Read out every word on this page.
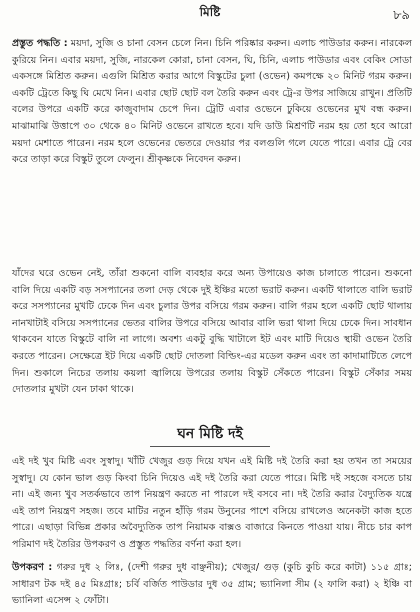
মিষ্টি	৮৯

প্রস্তুত পদ্ধতি : ময়দা, সুজি ও চানা বেসন চেলে নিন। চিনি পরিষ্কার করুন। এলাচ পাউডার করুন। নারকেল কুরিয়ে নিন। এবার ময়দা, সুজি, নারকেল কোরা, চানা বেসন, ঘি, চিনি, এলাচ পাউডার এবং বেকিং সোডা একসঙ্গে মিশ্রিত করুন। এগুলি মিশ্রিত করার আগে বিস্কুটের চুলা (ওভেন) কমপক্ষে ২০ মিনিট গরম করুন। একটি ট্রেতে কিছু ঘি মেখে নিন। এবার ছোট ছোট বল তৈরি করুন এবং ট্রে-র উপর সাজিয়ে রাখুন। প্রতিটি বলের উপরে একটি করে কাজুবাদাম চেপে দিন। ট্রেটি এবার ওভেনে ঢুকিয়ে ওভেনের মুখ বন্ধ করুন। মাঝামাঝি উত্তাপে ৩০ থেকে ৪০ মিনিট ওভেনে রাখতে হবে। যদি ডাউ মিশ্রণটি নরম হয় তো হবে আরো ময়দা মেশাতে পারেন। নরম হলে ওভেনের ভেতরে দেওয়ার পর বলগুলি গলে যেতে পারে। এবার ট্রে বের করে তাড়া করে বিস্কুট তুলে ফেলুন। শ্রীকৃষ্ণকে নিবেদন করুন।

যাঁদের ঘরে ওভেন নেই, তাঁরা শুকনো বালি ব্যবহার করে অন্য উপায়েও কাজ চালাতে পারেন। শুকনো বালি দিয়ে একটি বড় সসপ্যানের তলা দেড় থেকে দুই ইঞ্চির মতো ভরাট করুন। একটি থালাতে বালি ভরাট করে সসপ্যানের মুখটি ঢেকে দিন এবং চুলার উপর বসিয়ে গরম করুন। বালি গরম হলে একটি ছোট থালায় নানখাটাই বসিয়ে সসপ্যানের ভেতর বালির উপরে বসিয়ে আবার বালি ভরা থালা দিয়ে ঢেকে দিন। সাবধান থাকবেন যাতে বিস্কুটে বালি না লাগে। অবশ্য একটু বুদ্ধি খাটালে ইট এবং মাটি দিয়েও স্থায়ী ওভেন তৈরি করতে পারেন। সেক্ষেত্রে ইট দিয়ে একটি ছোট দোতলা বিল্ডিং-এর মডেল করুন এবং তা কাদামাটিতে লেপে দিন। শুকালে নিচের তলায় কয়লা জ্বালিয়ে উপরের তলায় বিস্কুট সেঁকতে পারেন। বিস্কুট সেঁকার সময় দোতলার মুখটা যেন ঢাকা থাকে।

ঘন মিষ্টি দই

এই দই খুব মিষ্টি এবং সুস্বাদু। খাঁটি খেজুর গুড় দিয়ে যখন এই মিষ্টি দই তৈরি করা হয় তখন তা সময়ের সুস্বাদু। যে কোন ভাল গুড় কিংবা চিনি দিয়েও এই দই তৈরি করা যেতে পারে। মিষ্টি দই সহজে বসতে চায় না। এই জন্য খুব সতর্কভাবে তাপ নিয়ন্ত্রণ করতে না পারলে দই বসবে না। দই তৈরি করার বৈদ্যুতিক যন্ত্রে এই তাপ নিয়ন্ত্রণ সহজ। তবে মাটির নতুন হাঁড়ি গরম উনুনের পাশে বসিয়ে রাখলেও অনেকটা কাজ হতে পারে। এছাড়া বিভিন্ন প্রকার অবৈদ্যুতিক তাপ নিয়ামক বাক্সও বাজারে কিনতে পাওয়া যায়। নীচে চার কাপ পরিমাণ দই তৈরির উপকরণ ও প্রস্তুত পদ্ধতির বর্ণনা করা হল।

উপকরণ : গরুর দুধ ২ লিঃ, (দেশী গরুর দুধ বাঞ্ছনীয়); খেজুর/ গুড় (কুচি কুচি করে কাটা) ১১৫ গ্রাঃ; সাধারণ টক দই ৪৫ মিঃগ্রাঃ; চর্বি বর্জিত পাউডার দুধ ৩৫ গ্রাম; ভ্যানিলা সীম (২ ফালি করা) ২ ইঞ্চি বা ভ্যানিলা এসেন্স ২ ফোঁটা।
